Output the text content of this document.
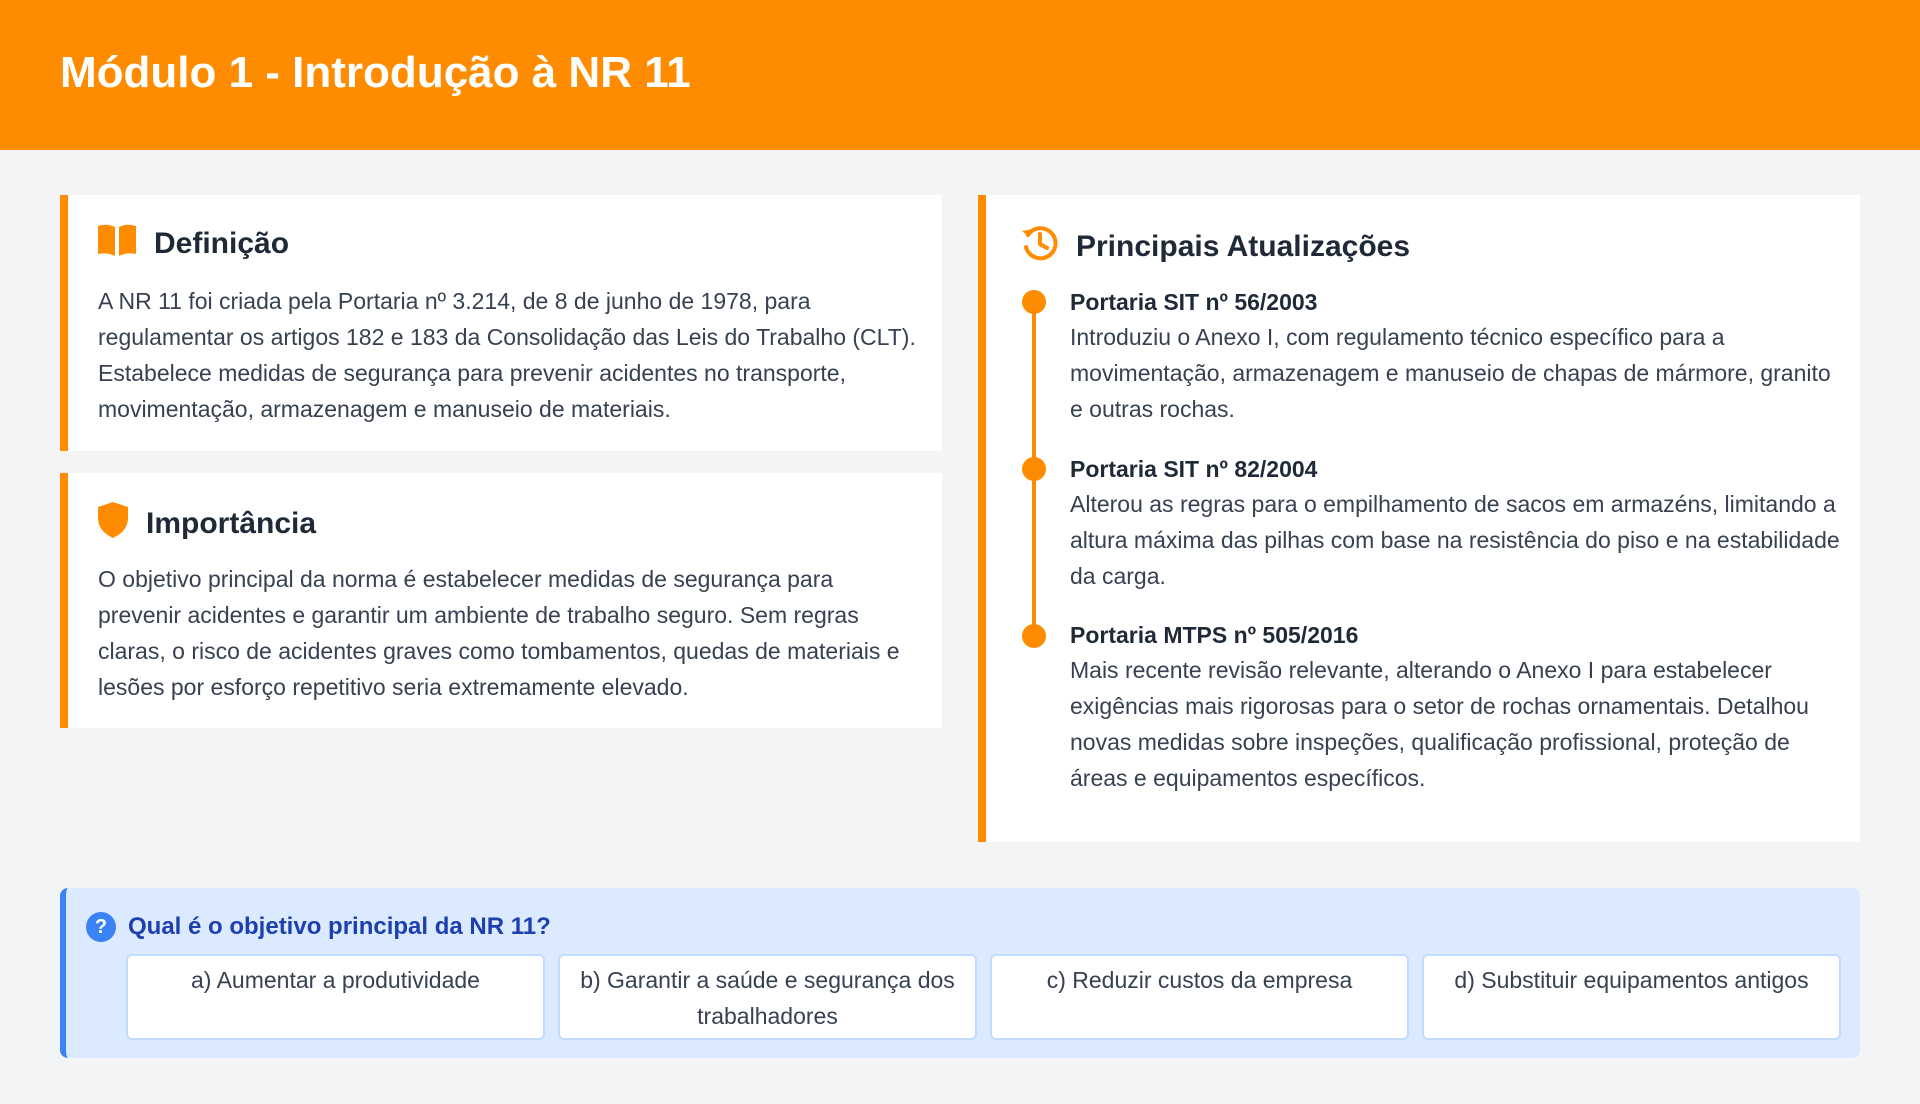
Módulo 1 - Introdução à NR 11
Definição

A NR 11 foi criada pela Portaria nº 3.214, de 8 de junho de 1978, para regulamentar os artigos 182 e 183 da Consolidação das Leis do Trabalho (CLT). Estabelece medidas de segurança para prevenir acidentes no transporte, movimentação, armazenagem e manuseio de materiais.

Importância

O objetivo principal da norma é estabelecer medidas de segurança para prevenir acidentes e garantir um ambiente de trabalho seguro. Sem regras claras, o risco de acidentes graves como tombamentos, quedas de materiais e lesões por esforço repetitivo seria extremamente elevado.

Principais Atualizações
Portaria SIT nº 56/2003
Introduziu o Anexo I, com regulamento técnico específico para a movimentação, armazenagem e manuseio de chapas de mármore, granito e outras rochas.
Portaria SIT nº 82/2004
Alterou as regras para o empilhamento de sacos em armazéns, limitando a altura máxima das pilhas com base na resistência do piso e na estabilidade da carga.
Portaria MTPS nº 505/2016
Mais recente revisão relevante, alterando o Anexo I para estabelecer exigências mais rigorosas para o setor de rochas ornamentais. Detalhou novas medidas sobre inspeções, qualificação profissional, proteção de áreas e equipamentos específicos.
? Qual é o objetivo principal da NR 11?
a) Aumentar a produtividade	b) Garantir a saúde e segurança dos trabalhadores
c) Reduzir custos da empresa	d) Substituir equipamentos antigos
